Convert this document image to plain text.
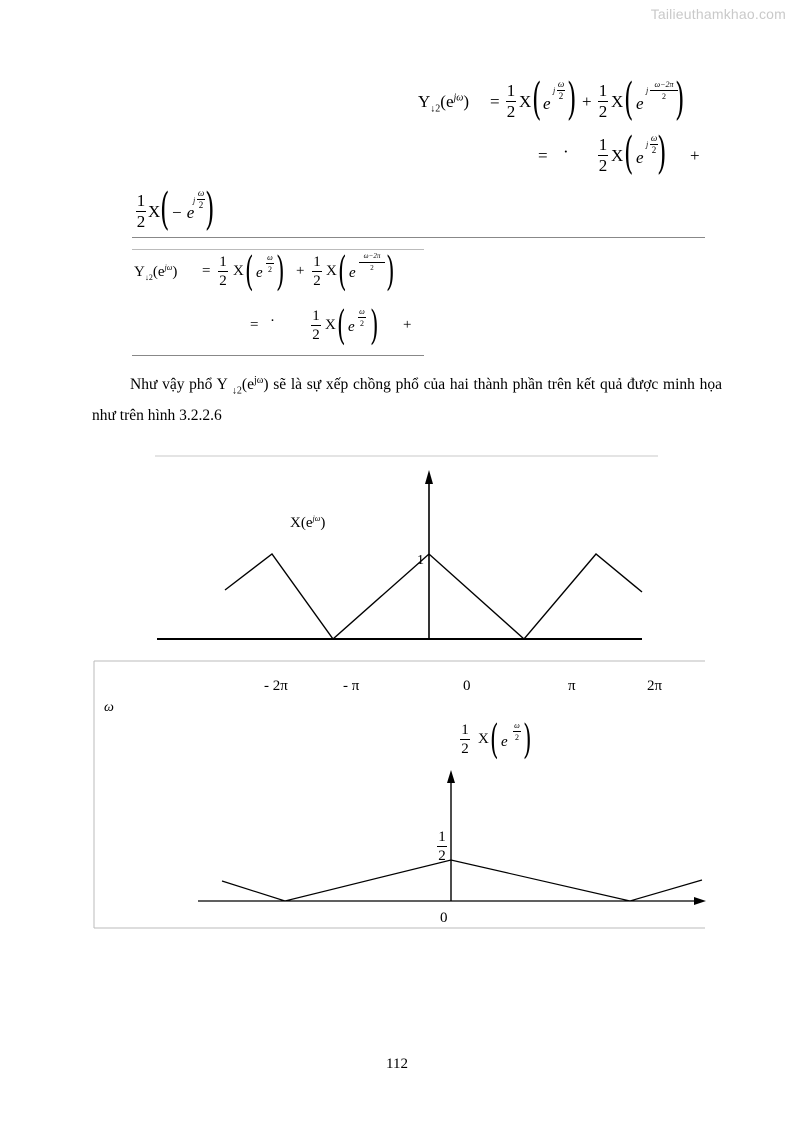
Tailieuthamkhao.com
$Y_{↓2}(e^{j\omega})$ =
1
2
X ( e
j
ω
2 ) +
1
2
X ( e
j
ω−2π
2 )
= · 1
2
X ( e
j
ω
2 ) +
1
2
X ( − e
j
ω
2 )
$Y_{↓2}(e^{j\omega})$ =
1
2
X ( e
ω
2 ) +
1
2
X ( e
ω−2π
2 )
= · 1
2
X ( e
ω
2 ) +
Như vậy phổ Y $_{↓2}(e^{j\omega})$ sẽ là sự xếp chồng phổ của hai thành phần trên kết quả được minh họa như trên hình 3.2.2.6
$X(e^{j\omega})$
1
- 2π	- π	0	π	2π
ω
1
2
X ( e
ω
2 )
1
2
0
112
